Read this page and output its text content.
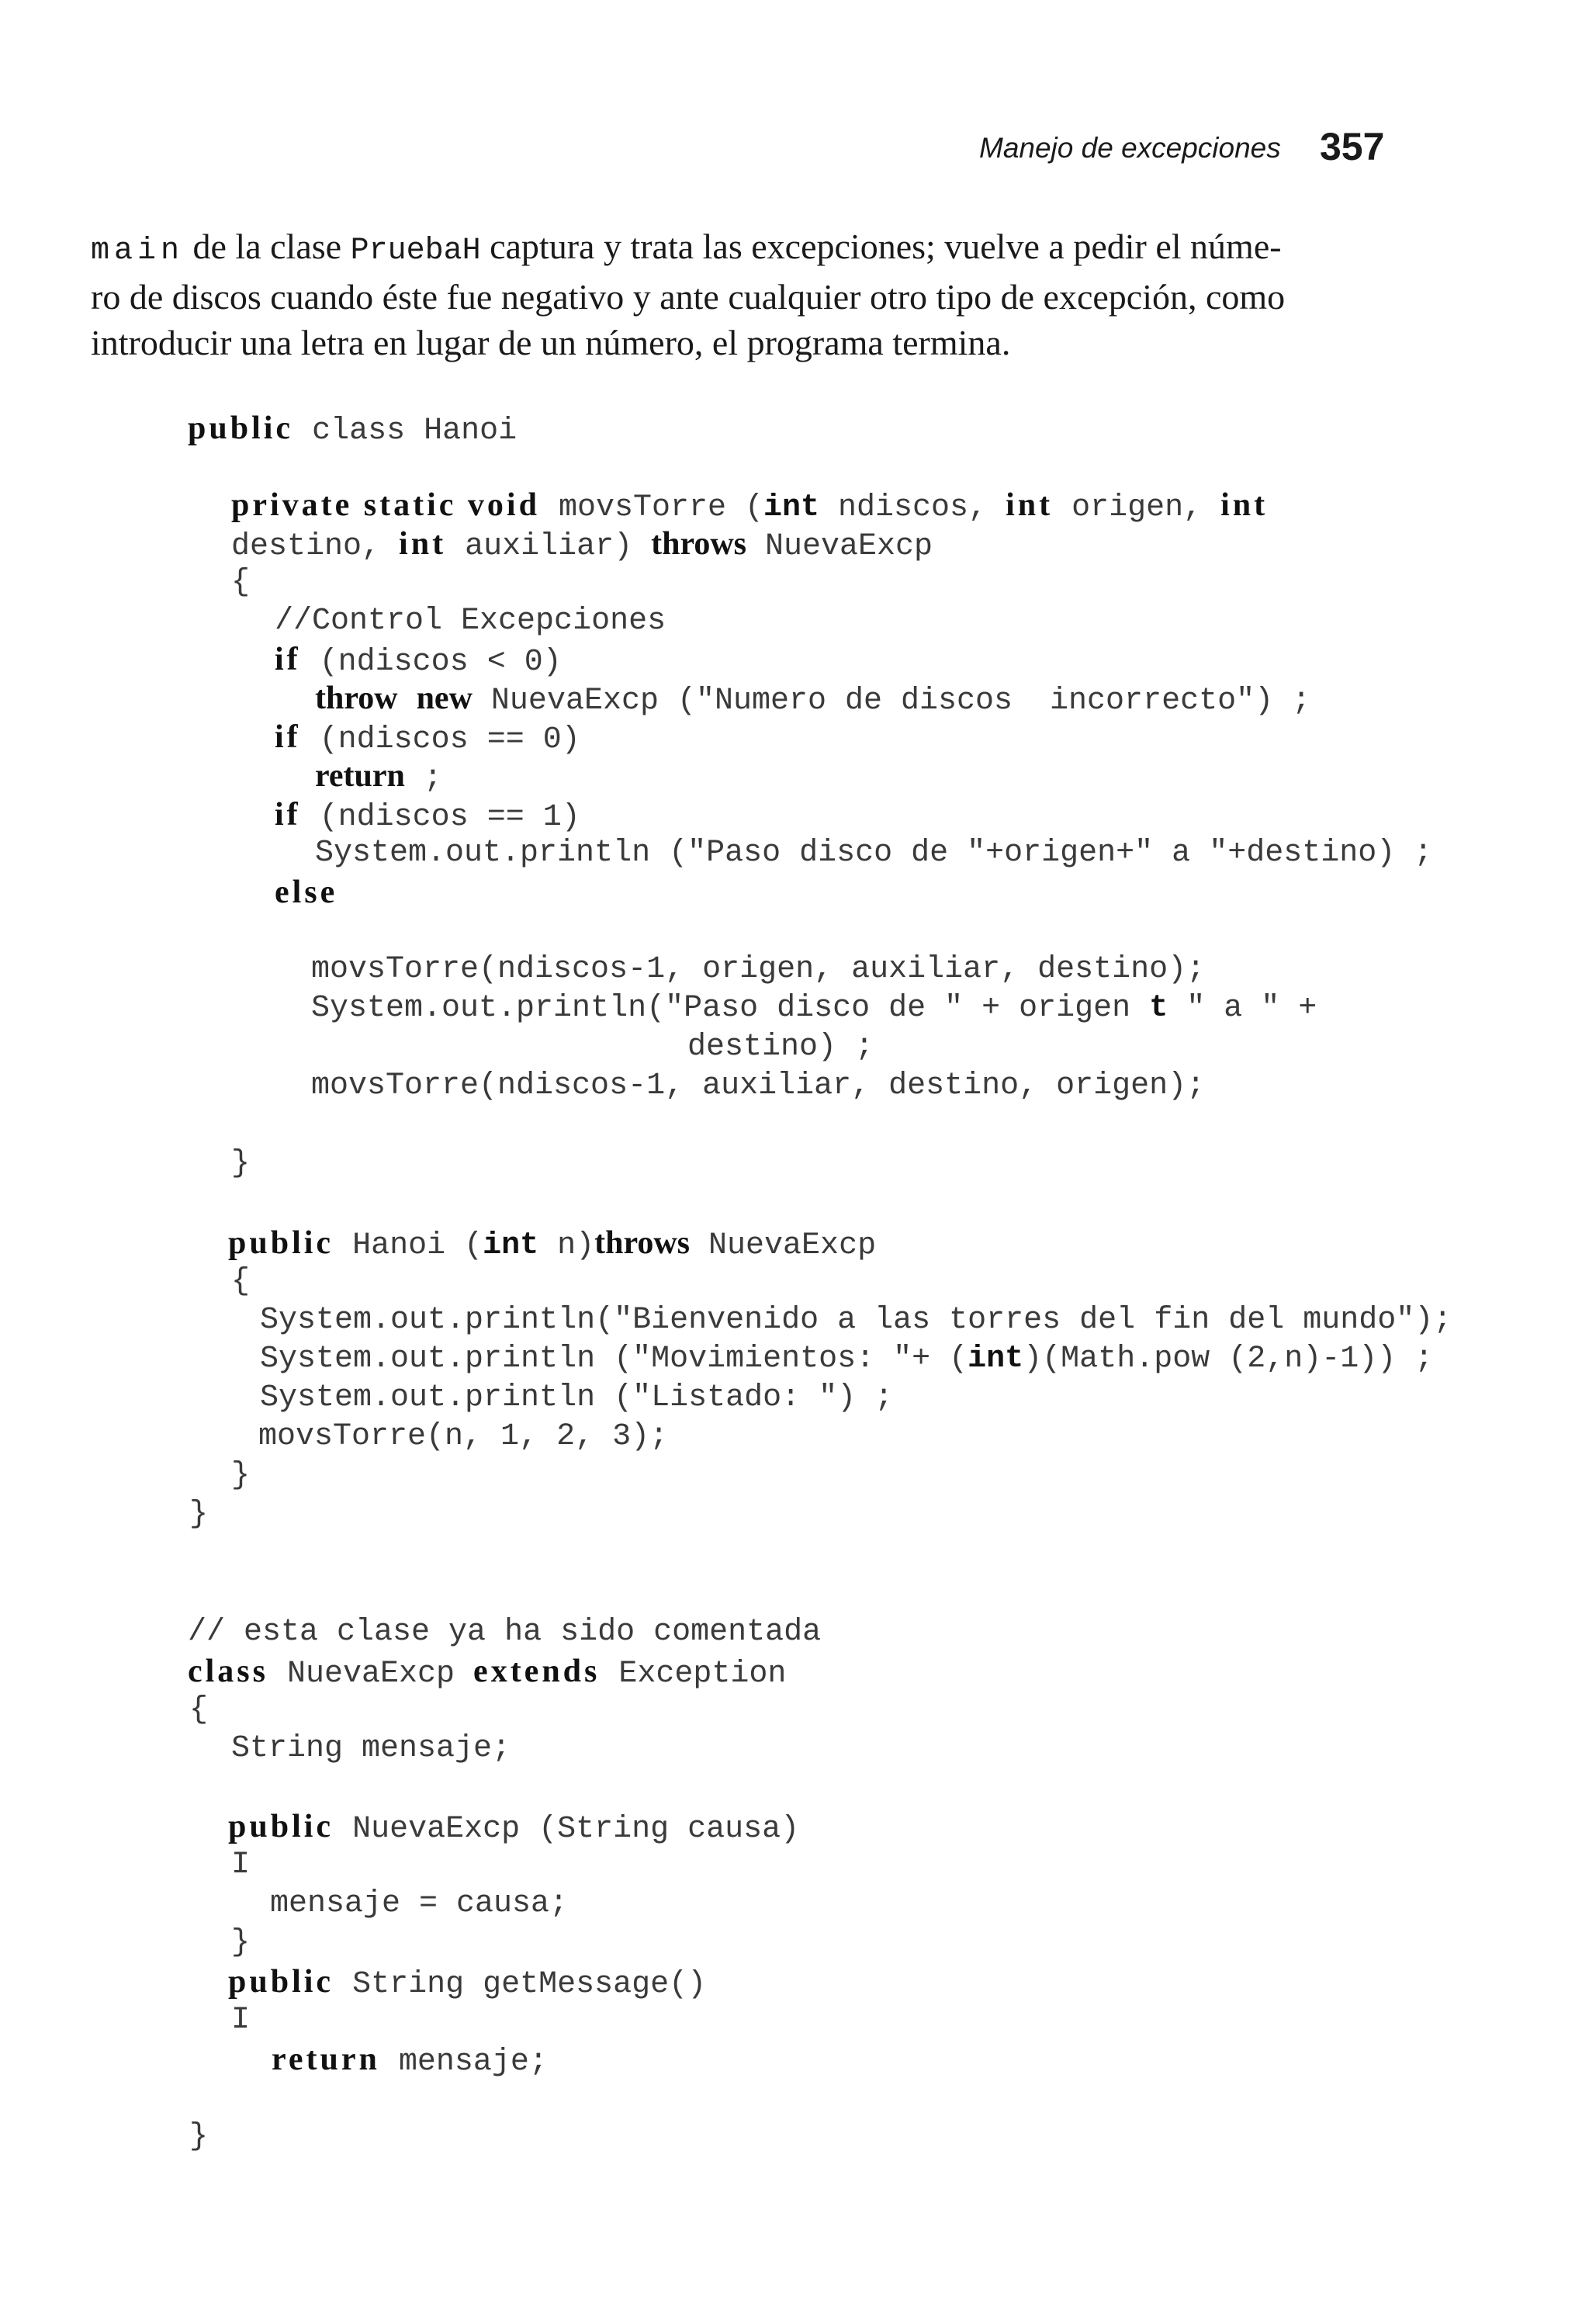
Manejo de excepciones 357
main de la clase PruebaH captura y trata las excepciones; vuelve a pedir el núme-
ro de discos cuando éste fue negativo y ante cualquier otro tipo de excepción, como
introducir una letra en lugar de un número, el programa termina.
public class Hanoi
private static void movsTorre (int ndiscos, int origen, int
destino, int auxiliar) throws NuevaExcp
{
//Control Excepciones
if (ndiscos < 0)
throw new NuevaExcp ("Numero de discos  incorrecto") ;
if (ndiscos == 0)
return ;
if (ndiscos == 1)
System.out.println ("Paso disco de "+origen+" a "+destino) ;
else
movsTorre(ndiscos-1, origen, auxiliar, destino);
System.out.println("Paso disco de " + origen t " a " +
destino) ;
movsTorre(ndiscos-1, auxiliar, destino, origen);
}
public Hanoi (int n)throws NuevaExcp
{
System.out.println("Bienvenido a las torres del fin del mundo");
System.out.println ("Movimientos: "+ (int)(Math.pow (2,n)-1)) ;
System.out.println ("Listado: ") ;
movsTorre(n, 1, 2, 3);
}
}
// esta clase ya ha sido comentada
class NuevaExcp extends Exception
{
String mensaje;
public NuevaExcp (String causa)
I
mensaje = causa;
}
public String getMessage()
I
return mensaje;
}
